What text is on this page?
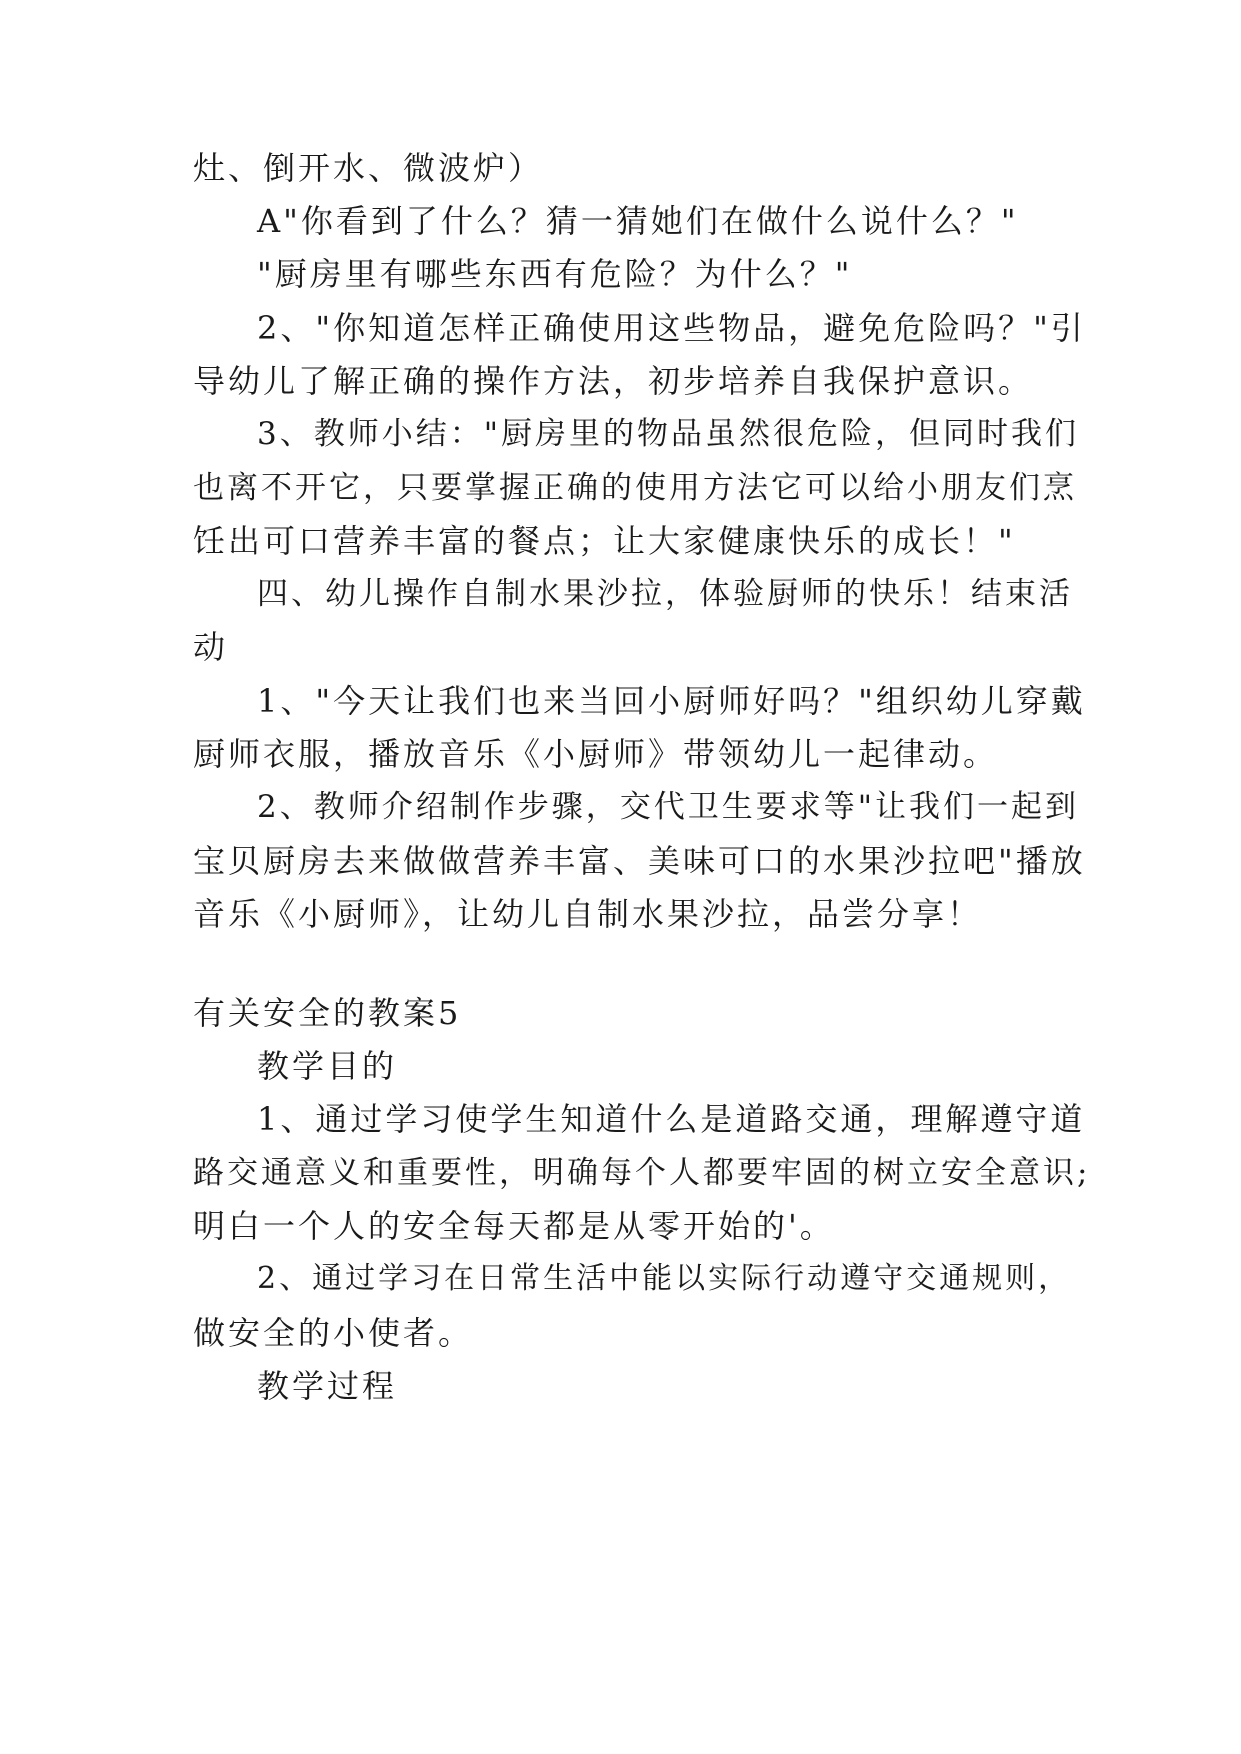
灶、倒开水、微波炉）
A"你看到了什么？猜一猜她们在做什么说什么？"
"厨房里有哪些东西有危险？为什么？"
2、"你知道怎样正确使用这些物品，避免危险吗？"引
导幼儿了解正确的操作方法，初步培养自我保护意识。
3、教师小结："厨房里的物品虽然很危险，但同时我们
也离不开它，只要掌握正确的使用方法它可以给小朋友们烹
饪出可口营养丰富的餐点；让大家健康快乐的成长！"
四、幼儿操作自制水果沙拉，体验厨师的快乐！结束活
动
1、"今天让我们也来当回小厨师好吗？"组织幼儿穿戴
厨师衣服，播放音乐《小厨师》带领幼儿一起律动。
2、教师介绍制作步骤，交代卫生要求等"让我们一起到
宝贝厨房去来做做营养丰富、美味可口的水果沙拉吧"播放
音乐《小厨师》，让幼儿自制水果沙拉，品尝分享！
有关安全的教案5
教学目的
1、通过学习使学生知道什么是道路交通，理解遵守道
路交通意义和重要性，明确每个人都要牢固的树立安全意识;
明白一个人的安全每天都是从零开始的'。
2、通过学习在日常生活中能以实际行动遵守交通规则，
做安全的小使者。
教学过程
